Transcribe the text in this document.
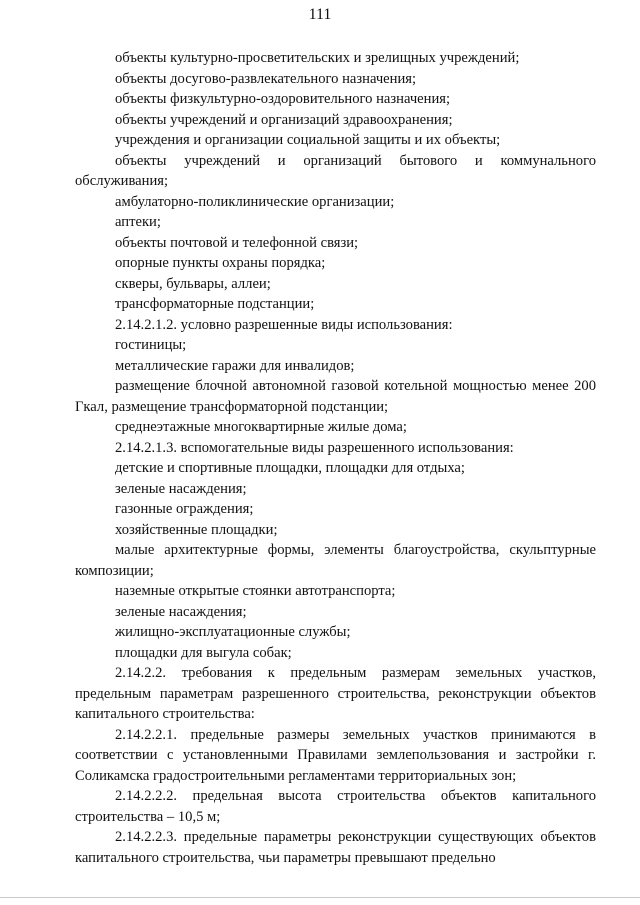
111

объекты культурно-просветительских и зрелищных учреждений;

объекты досугово-развлекательного назначения;

объекты физкультурно-оздоровительного назначения;

объекты учреждений и организаций здравоохранения;

учреждения и организации социальной защиты и их объекты;

объекты учреждений и организаций бытового и коммунального обслуживания;

амбулаторно-поликлинические организации;

аптеки;

объекты почтовой и телефонной связи;

опорные пункты охраны порядка;

скверы, бульвары, аллеи;

трансформаторные подстанции;

2.14.2.1.2. условно разрешенные виды использования:

гостиницы;

металлические гаражи для инвалидов;

размещение блочной автономной газовой котельной мощностью менее 200 Гкал, размещение трансформаторной подстанции;

среднеэтажные многоквартирные жилые дома;

2.14.2.1.3. вспомогательные виды разрешенного использования:

детские и спортивные площадки, площадки для отдыха;

зеленые насаждения;

газонные ограждения;

хозяйственные площадки;

малые архитектурные формы, элементы благоустройства, скульптурные композиции;

наземные открытые стоянки автотранспорта;

зеленые насаждения;

жилищно-эксплуатационные службы;

площадки для выгула собак;

2.14.2.2. требования к предельным размерам земельных участков, предельным параметрам разрешенного строительства, реконструкции объектов капитального строительства:

2.14.2.2.1. предельные размеры земельных участков принимаются в соответствии с установленными Правилами землепользования и застройки г. Соликамска градостроительными регламентами территориальных зон;

2.14.2.2.2. предельная высота строительства объектов капитального строительства – 10,5 м;

2.14.2.2.3. предельные параметры реконструкции существующих объектов капитального строительства, чьи параметры превышают предельно
